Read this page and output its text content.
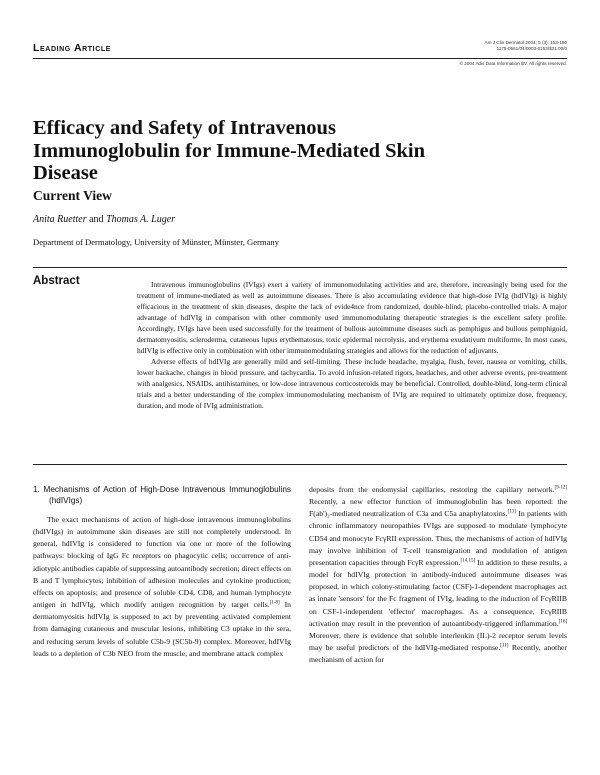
Leading Article	Am J Clin Dermatol 2004; 5 (3): 153-160
1175-0561/04/0003-0153/$31.00/0
© 2004 Adis Data Information BV. All rights reserved.
Efficacy and Safety of Intravenous Immunoglobulin for Immune-Mediated Skin Disease
Current View
Anita Ruetter and Thomas A. Luger
Department of Dermatology, University of Münster, Münster, Germany
Abstract	Intravenous immunoglobulins (IVIgs) exert a variety of immunomodulating activities and are, therefore, increasingly being used for the treatment of immune-mediated as well as autoimmune diseases. There is also accumulating evidence that high-dose IVIg (hdIVIg) is highly efficacious in the treatment of skin diseases, despite the lack of evide4nce from randomized, double-blind, placebo-controlled trials. A major advantage of hdIVIg in comparison with other commonly used immunomodulating therapeutic strategies is the excellent safety profile. Accordingly, IVIgs have been used successfully for the treatment of bullous autoimmune diseases such as pemphigus and bullous pemphigoid, dermatomyositis, scleroderma, cutaneous lupus erythematosus, toxic epidermal necrolysis, and erythema exudativum multiforme. In most cases, hdIVIg is effective only in combination with other immunomodulating strategies and allows for the reduction of adjuvants.

Adverse effects of hdIVIg are generally mild and self-limiting. These include headache, myalgia, flush, fever, nausea or vomiting, chills, lower backache, changes in blood pressure, and tachycardia. To avoid infusion-related rigors, headaches, and other adverse events, pre-treatment with analgesics, NSAIDs, antihistamines, or low-dose intravenous corticosteroids may be beneficial. Controlled, double-blind, long-term clinical trials and a better understanding of the complex immunomodulating mechanism of IVIg are required to ultimately optimize dose, frequency, duration, and mode of IVIg administration.

1. Mechanisms of Action of High-Dose Intravenous Immunoglobulins (hdIVIgs)

The exact mechanisms of action of high-dose intravenous immunoglobulins (hdIVIgs) in autoimmune skin diseases are still not completely understood. In general, hdIVIg is considered to function via one or more of the following pathways: blocking of IgG Fc receptors on phagocytic cells; occurrence of anti-idiotypic antibodies capable of suppressing autoantibody secretion; direct effects on B and T lymphocytes; inhibition of adhesion molecules and cytokine production; effects on apoptosis; and presence of soluble CD4, CD8, and human lymphocyte antigen in hdIVIg, which modify antigen recognition by target cells.[1-8] In dermatomyositis hdIVIg is supposed to act by preventing activated complement from damaging cutaneous and muscular lesions, inhibiting C3 uptake in the sera, and reducing serum levels of soluble C5b-9 (SC5b-9) complex. Moreover, hdIVIg leads to a depletion of C3b NEO from the muscle, and membrane attack complex

deposits from the endomysial capillaries, restoring the capillary network.[9-12] Recently, a new effector function of immunoglobulin has been reported: the F(ab')₂-mediated neutralization of C3a and C5a anaphylatoxins.[13] In patients with chronic inflammatory neuropathies IVIgs are supposed to modulate lymphocyte CD54 and monocyte FcγRII expression. Thus, the mechanisms of action of hdIVIg may involve inhibition of T-cell transmigration and modulation of antigen presentation capacities through FcγR expression.[14,15] In addition to these results, a model for hdIVIg protection in antibody-induced autoimmune diseases was proposed, in which colony-stimulating factor (CSF)-1-dependent macrophages act as innate 'sensors' for the Fc fragment of IVIg, leading to the induction of FcγRIIB on CSF-1-independent 'effector' macrophages. As a consequence, FcγRIIB activation may result in the prevention of autoantibody-triggered inflammation.[16] Moreover, there is evidence that soluble interleukin (IL)-2 receptor serum levels may be useful predictors of the hdIVIg-mediated response.[11] Recently, another mechanism of action for
